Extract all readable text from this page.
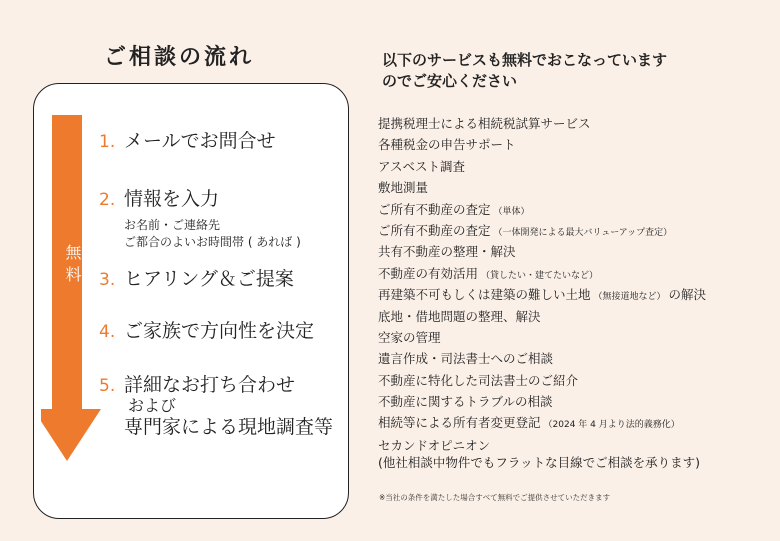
ご相談の流れ
無料
1. メールでお問合せ
2. 情報を入力
お名前・ご連絡先
ご都合のよいお時間帯 ( あれば )
3. ヒアリング＆ご提案
4. ご家族で方向性を決定
5. 詳細なお打ち合わせ
および
専門家による現地調査等
以下のサービスも無料でおこなっています
のでご安心ください
提携税理士による相続税試算サービス
各種税金の申告サポート
アスベスト調査
敷地測量
ご所有不動産の査定 （単体）
ご所有不動産の査定 （一体開発による最大バリューアップ査定）
共有不動産の整理・解決
不動産の有効活用 （貸したい・建てたいなど）
再建築不可もしくは建築の難しい土地 （無接道地など） の解決
底地・借地問題の整理、解決
空家の管理
遺言作成・司法書士へのご相談
不動産に特化した司法書士のご紹介
不動産に関するトラブルの相談
相続等による所有者変更登記 （2024 年 4 月より法的義務化）
セカンドオピニオン
(他社相談中物件でもフラットな目線でご相談を承ります)
※当社の条件を満たした場合すべて無料でご提供させていただきます
